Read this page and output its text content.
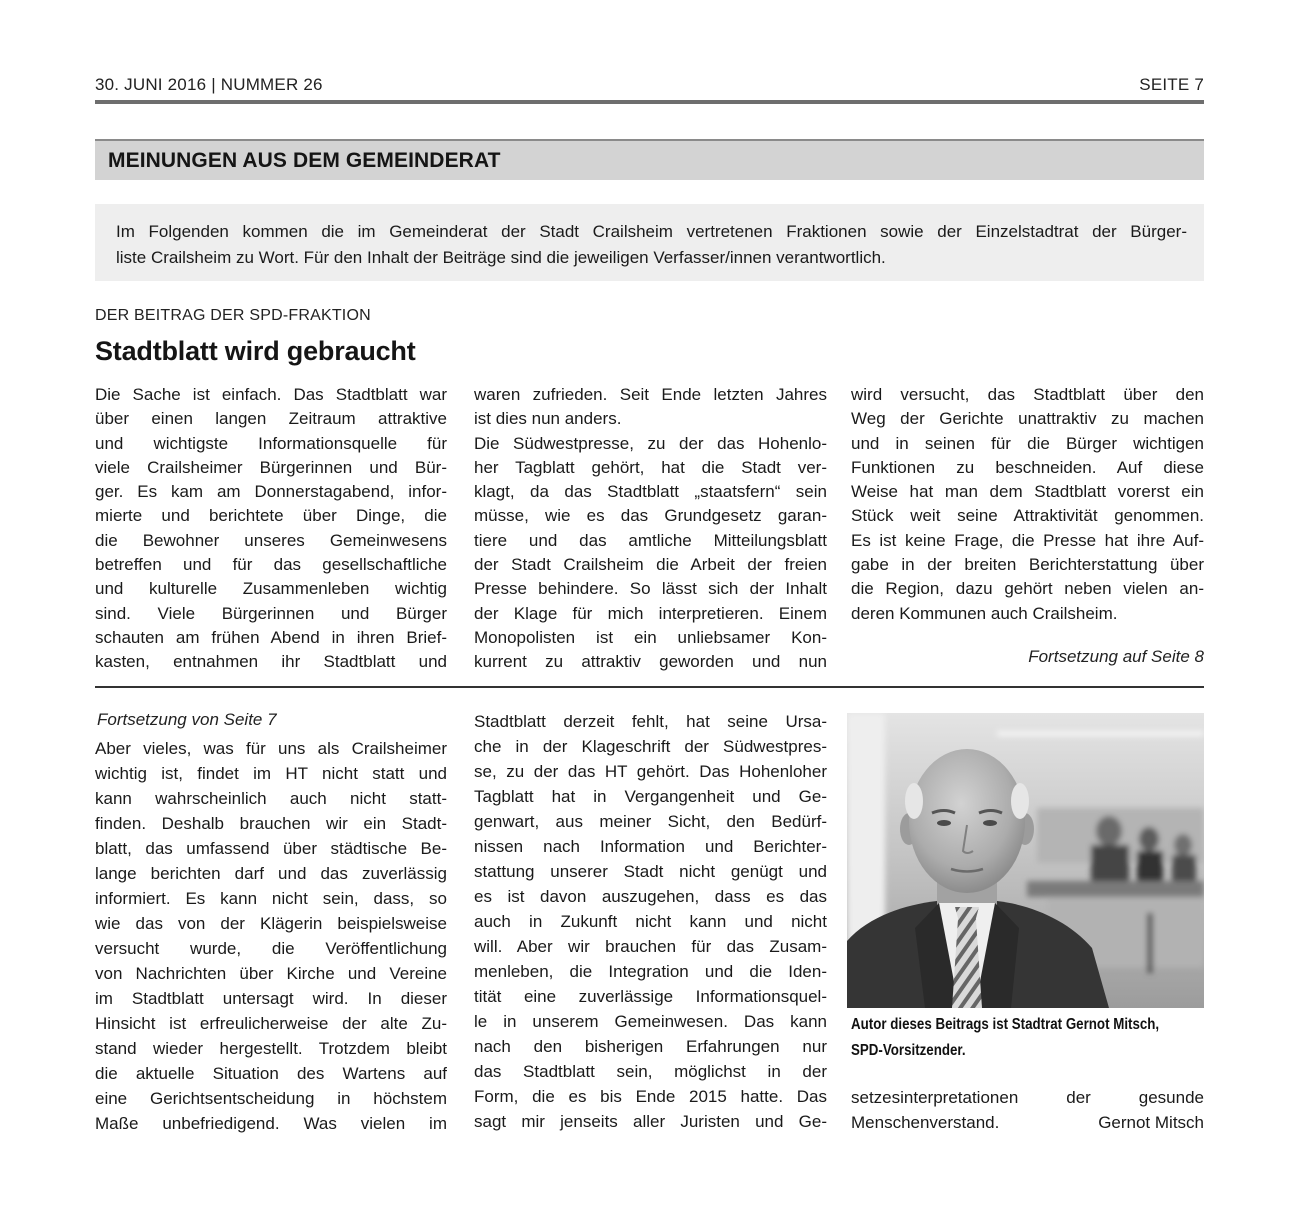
30. JUNI 2016 | NUMMER 26	SEITE 7
MEINUNGEN AUS DEM GEMEINDERAT
Im Folgenden kommen die im Gemeinderat der Stadt Crailsheim vertretenen Fraktionen sowie der Einzelstadtrat der Bürger-
liste Crailsheim zu Wort. Für den Inhalt der Beiträge sind die jeweiligen Verfasser/innen verantwortlich.
DER BEITRAG DER SPD-FRAKTION
Stadtblatt wird gebraucht
Die Sache ist einfach. Das Stadtblatt war
über einen langen Zeitraum attraktive
und wichtigste Informationsquelle für
viele Crailsheimer Bürgerinnen und Bür-
ger. Es kam am Donnerstagabend, infor-
mierte und berichtete über Dinge, die
die Bewohner unseres Gemeinwesens
betreffen und für das gesellschaftliche
und kulturelle Zusammenleben wichtig
sind. Viele Bürgerinnen und Bürger
schauten am frühen Abend in ihren Brief-
kasten, entnahmen ihr Stadtblatt und
waren zufrieden. Seit Ende letzten Jahres
ist dies nun anders.
Die Südwestpresse, zu der das Hohenlo-
her Tagblatt gehört, hat die Stadt ver-
klagt, da das Stadtblatt „staatsfern“ sein
müsse, wie es das Grundgesetz garan-
tiere und das amtliche Mitteilungsblatt
der Stadt Crailsheim die Arbeit der freien
Presse behindere. So lässt sich der Inhalt
der Klage für mich interpretieren. Einem
Monopolisten ist ein unliebsamer Kon-
kurrent zu attraktiv geworden und nun
wird versucht, das Stadtblatt über den
Weg der Gerichte unattraktiv zu machen
und in seinen für die Bürger wichtigen
Funktionen zu beschneiden. Auf diese
Weise hat man dem Stadtblatt vorerst ein
Stück weit seine Attraktivität genommen.
Es ist keine Frage, die Presse hat ihre Auf-
gabe in der breiten Berichterstattung über
die Region, dazu gehört neben vielen an-
deren Kommunen auch Crailsheim.
Fortsetzung auf Seite 8
Fortsetzung von Seite 7
Aber vieles, was für uns als Crailsheimer
wichtig ist, findet im HT nicht statt und
kann wahrscheinlich auch nicht statt-
finden. Deshalb brauchen wir ein Stadt-
blatt, das umfassend über städtische Be-
lange berichten darf und das zuverlässig
informiert. Es kann nicht sein, dass, so
wie das von der Klägerin beispielsweise
versucht wurde, die Veröffentlichung
von Nachrichten über Kirche und Vereine
im Stadtblatt untersagt wird. In dieser
Hinsicht ist erfreulicherweise der alte Zu-
stand wieder hergestellt. Trotzdem bleibt
die aktuelle Situation des Wartens auf
eine Gerichtsentscheidung in höchstem
Maße unbefriedigend. Was vielen im
Stadtblatt derzeit fehlt, hat seine Ursa-
che in der Klageschrift der Südwestpres-
se, zu der das HT gehört. Das Hohenloher
Tagblatt hat in Vergangenheit und Ge-
genwart, aus meiner Sicht, den Bedürf-
nissen nach Information und Berichter-
stattung unserer Stadt nicht genügt und
es ist davon auszugehen, dass es das
auch in Zukunft nicht kann und nicht
will. Aber wir brauchen für das Zusam-
menleben, die Integration und die Iden-
tität eine zuverlässige Informationsquel-
le in unserem Gemeinwesen. Das kann
nach den bisherigen Erfahrungen nur
das Stadtblatt sein, möglichst in der
Form, die es bis Ende 2015 hatte. Das
sagt mir jenseits aller Juristen und Ge-
Autor dieses Beitrags ist Stadtrat Gernot Mitsch,
SPD-Vorsitzender.
setzesinterpretationen der gesunde
Menschenverstand.	Gernot Mitsch
